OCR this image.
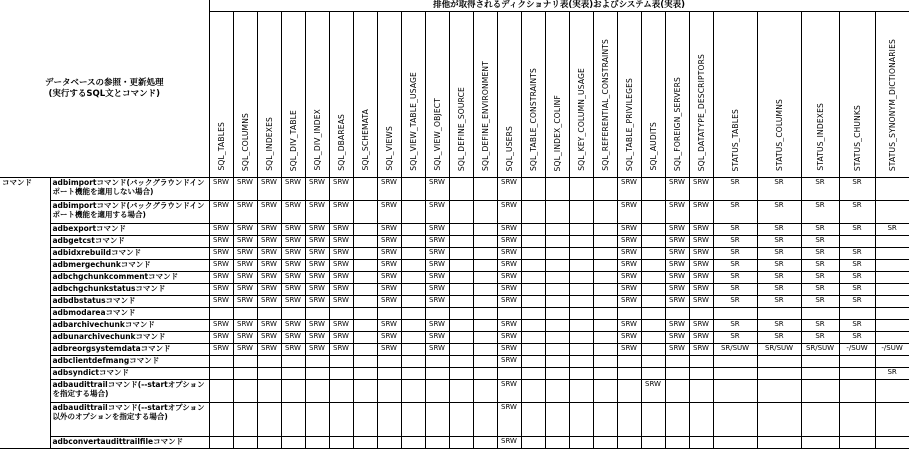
データベースの参照・更新処理
(実行するSQL文とコマンド)		排他が取得されるディクショナリ表(実表)およびシステム表(実表)																									
		SQL_TABLES	SQL_COLUMNS	SQL_INDEXES	SQL_DIV_TABLE	SQL_DIV_INDEX	SQL_DBAREAS	SQL_SCHEMATA	SQL_VIEWS	SQL_VIEW_TABLE_USAGE	SQL_VIEW_OBJECT	SQL_DEFINE_SOURCE	SQL_DEFINE_ENVIRONMENT	SQL_USERS	SQL_TABLE_CONSTRAINTS	SQL_INDEX_COLINF	SQL_KEY_COLUMN_USAGE	SQL_REFERENTIAL_CONSTRAINTS	SQL_TABLE_PRIVILEGES	SQL_AUDITS	SQL_FOREIGN_SERVERS	SQL_DATATYPE_DESCRIPTORS	STATUS_TABLES	STATUS_COLUMNS	STATUS_INDEXES	STATUS_CHUNKS	STATUS_SYNONYM_DICTIONARIES
コマンド	adbimportコマンド(バックグラウンドインポート機能を適用しない場合)	SRW	SRW	SRW	SRW	SRW	SRW		SRW		SRW			SRW					SRW		SRW	SRW	SR	SR	SR	SR	
	adbimportコマンド(バックグラウンドインポート機能を適用する場合)	SRW	SRW	SRW	SRW	SRW	SRW		SRW		SRW			SRW					SRW		SRW	SRW	SR	SR	SR	SR	
	adbexportコマンド	SRW	SRW	SRW	SRW	SRW	SRW		SRW		SRW			SRW					SRW		SRW	SRW	SR	SR	SR	SR	SR
	adbgetcstコマンド	SRW	SRW	SRW	SRW	SRW	SRW		SRW		SRW			SRW					SRW		SRW	SRW	SR	SR	SR		
	adbidxrebuildコマンド	SRW	SRW	SRW	SRW	SRW	SRW		SRW		SRW			SRW					SRW		SRW	SRW	SR	SR	SR	SR	
	adbmergechunkコマンド	SRW	SRW	SRW	SRW	SRW	SRW		SRW		SRW			SRW					SRW		SRW	SRW	SR	SR	SR	SR	
	adbchgchunkcommentコマンド	SRW	SRW	SRW	SRW	SRW	SRW		SRW		SRW			SRW					SRW		SRW	SRW	SR	SR	SR	SR	
	adbchgchunkstatusコマンド	SRW	SRW	SRW	SRW	SRW	SRW		SRW		SRW			SRW					SRW		SRW	SRW	SR	SR	SR	SR	
	adbdbstatusコマンド	SRW	SRW	SRW	SRW	SRW	SRW		SRW		SRW			SRW					SRW		SRW	SRW	SR	SR	SR	SR	
	adbmodareaコマンド																										
	adbarchivechunkコマンド	SRW	SRW	SRW	SRW	SRW	SRW		SRW		SRW			SRW					SRW		SRW	SRW	SR	SR	SR	SR	
	adbunarchivechunkコマンド	SRW	SRW	SRW	SRW	SRW	SRW		SRW		SRW			SRW					SRW		SRW	SRW	SR	SR	SR	SR	
	adbreorgsystemdataコマンド	SRW	SRW	SRW	SRW	SRW	SRW		SRW		SRW			SRW					SRW		SRW	SRW	SR/SUW	SR/SUW	SR/SUW	-/SUW	-/SUW
	adbclientdefmangコマンド													SRW													
	adbsyndictコマンド																										SR
	adbaudittrailコマンド(--startオプションを指定する場合)													SRW						SRW							
	adbaudittrailコマンド(--startオプション以外のオプションを指定する場合)													SRW													
	adbconvertaudittrailfileコマンド													SRW													
